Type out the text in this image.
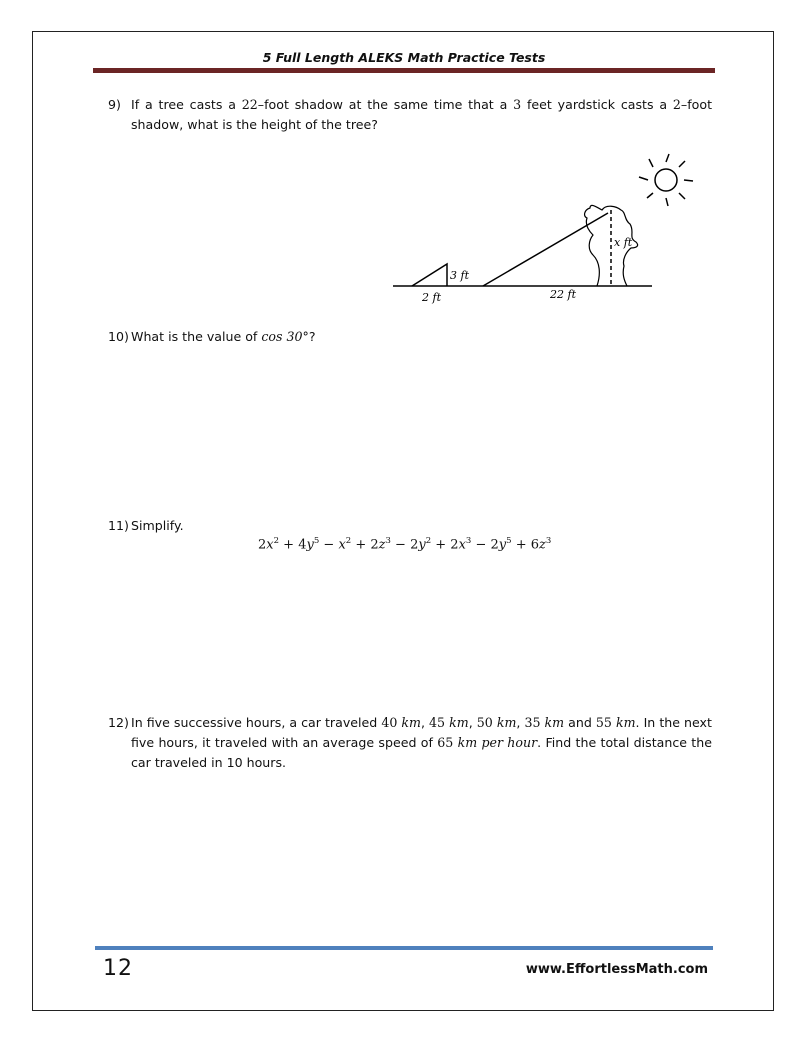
5 Full Length ALEKS Math Practice Tests
9) If a tree casts a 22–foot shadow at the same time that a 3 feet yardstick casts a 2–foot shadow, what is the height of the tree?
3 ft
2 ft	22 ft
x ft
10) What is the value of cos 30°?
11) Simplify.
$2x^2 + 4y^5 - x^2 + 2z^3 - 2y^2 + 2x^3 - 2y^5 + 6z^3$
12) In five successive hours, a car traveled 40 km, 45 km, 50 km, 35 km and 55 km. In the next five hours, it traveled with an average speed of 65 km per hour. Find the total distance the car traveled in 10 hours.
12	www.EffortlessMath.com
